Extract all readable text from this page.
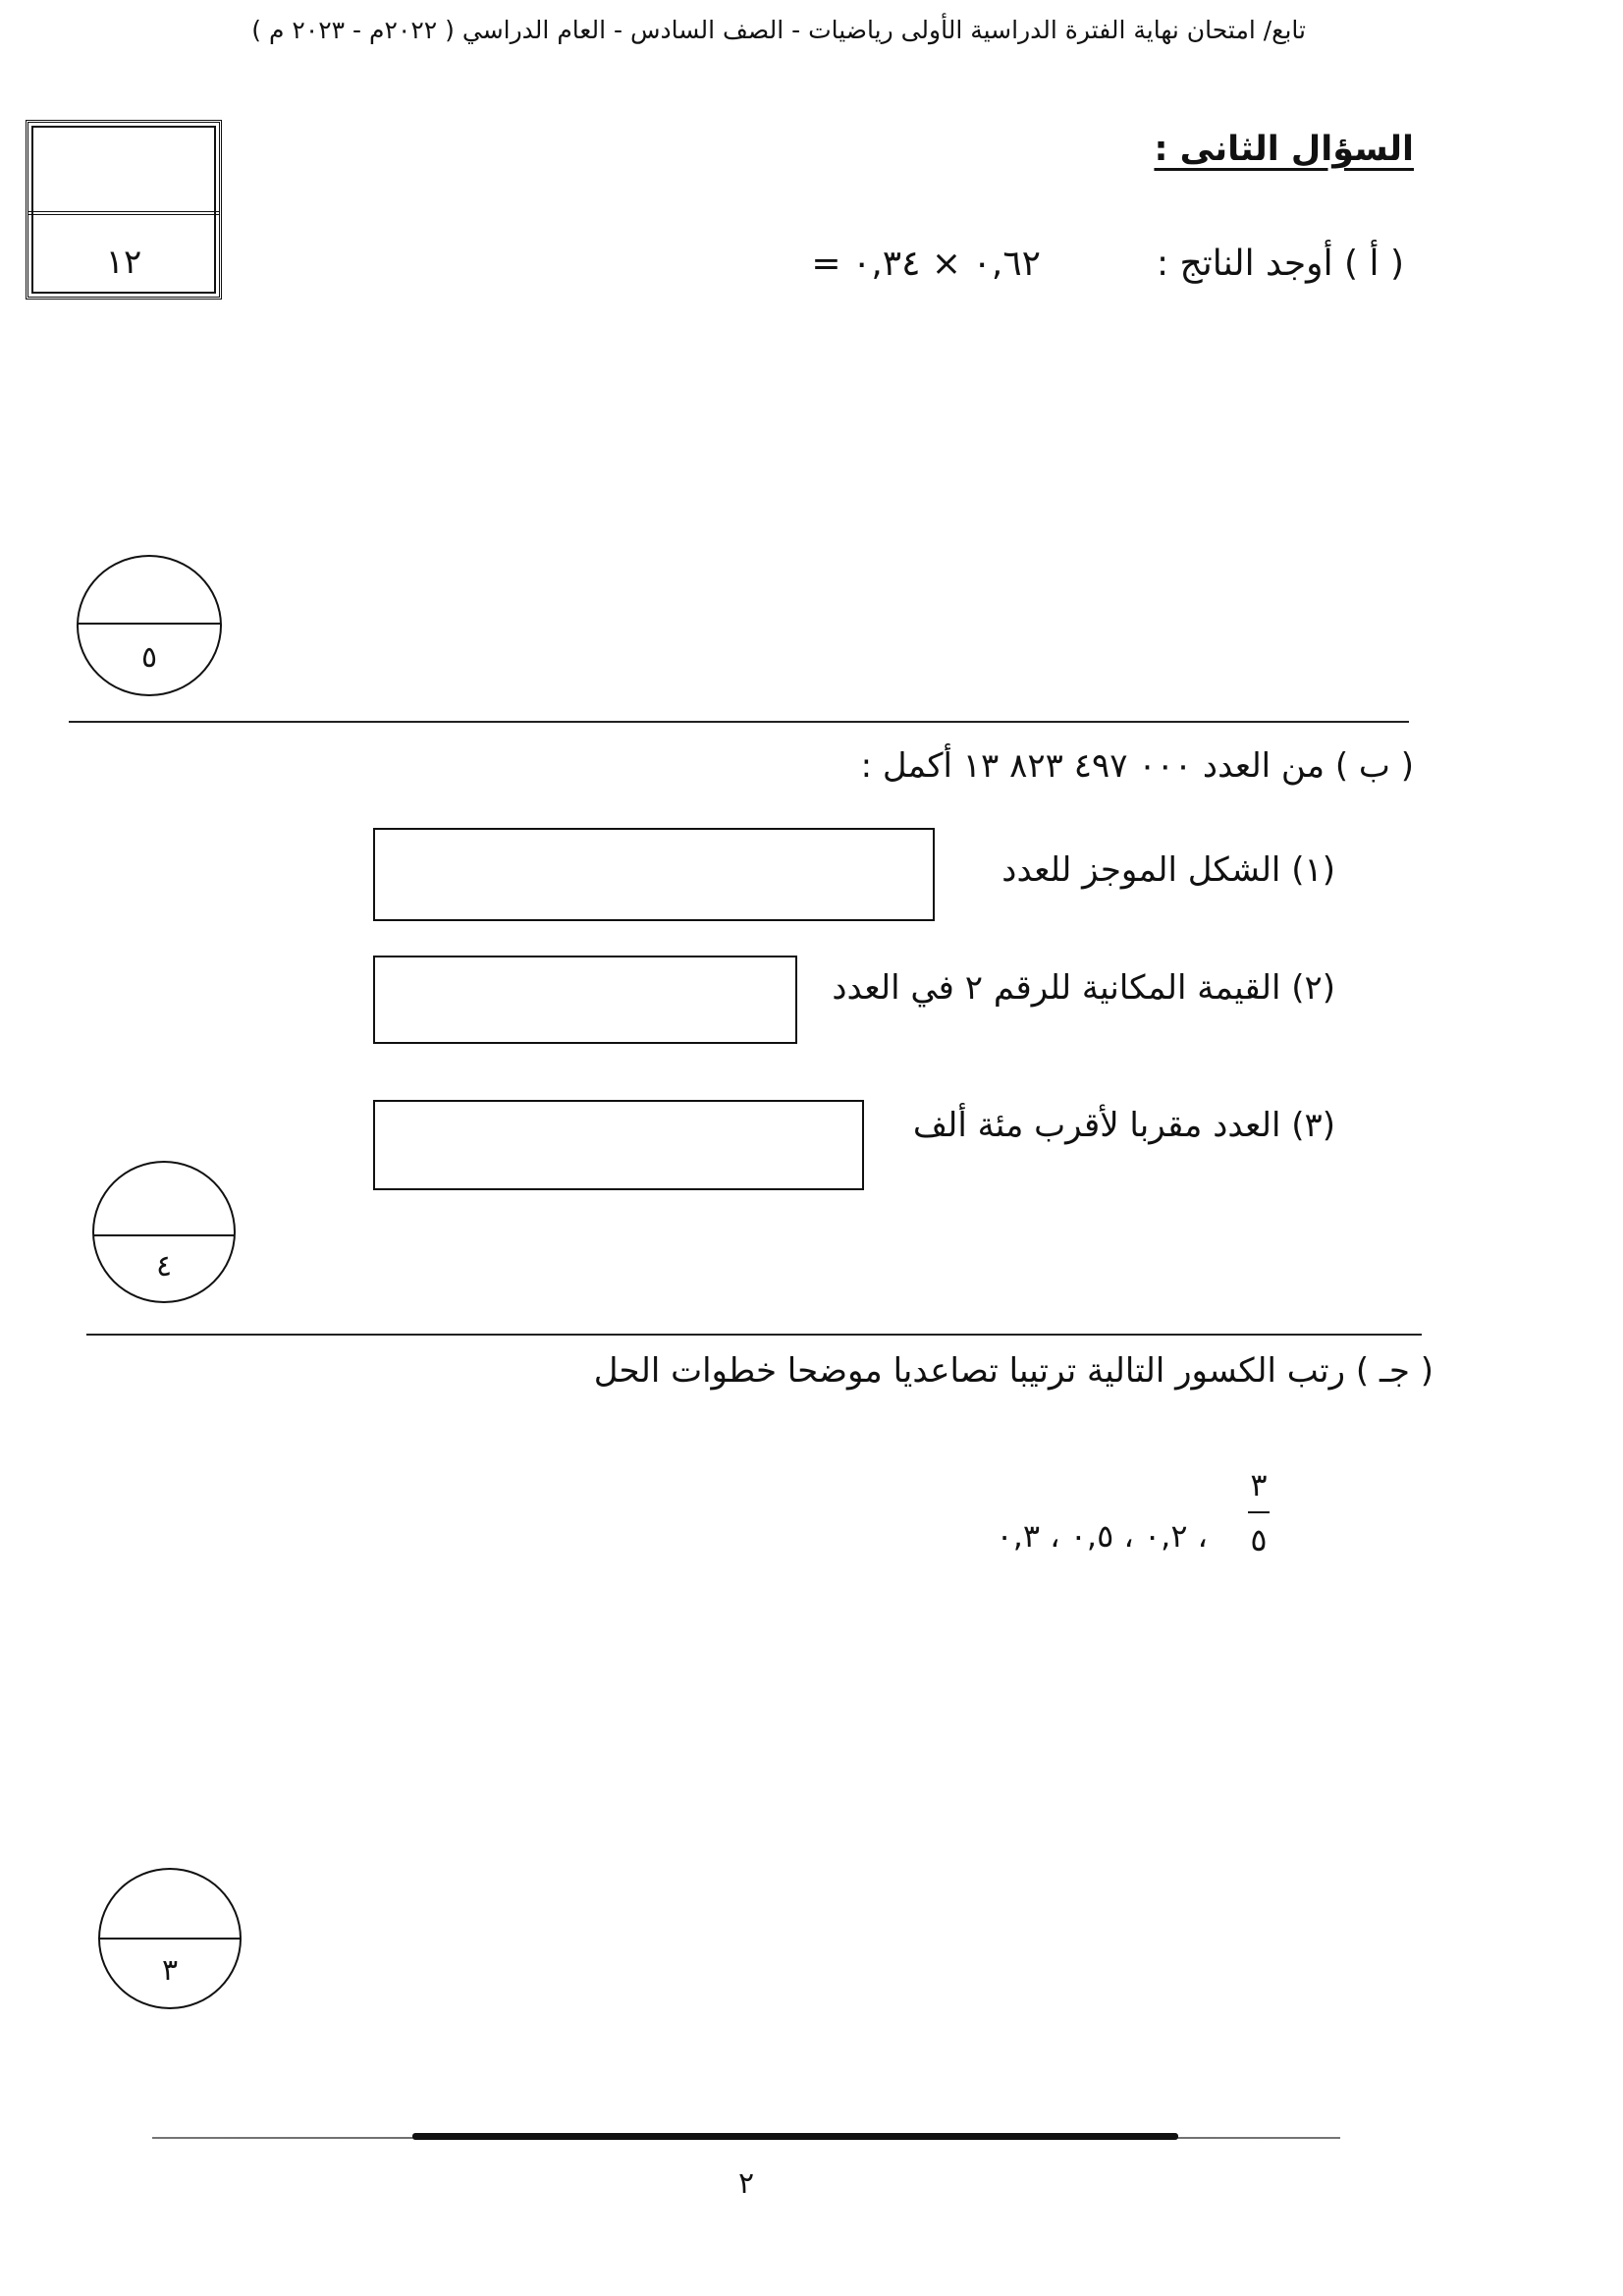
تابع/ امتحان نهاية الفترة الدراسية الأولى رياضيات - الصف السادس - العام الدراسي ( ٢٠٢٢م - ٢٠٢٣ م )
١٢
السؤال الثانى :
( أ ) أوجد الناتج :
٠,٦٢ × ٠,٣٤ =
٥
( ب ) من العدد ٠٠٠ ٤٩٧ ٨٢٣ ١٣ أكمل :
(١) الشكل الموجز للعدد
(٢) القيمة المكانية للرقم ٢ في العدد
(٣) العدد مقربا لأقرب مئة ألف
٤
( جـ ) رتب الكسور التالية ترتيبا تصاعديا موضحا خطوات الحل
٣
٥
، ٠,٢ ، ٠,٥ ، ٠,٣
٣
٢
